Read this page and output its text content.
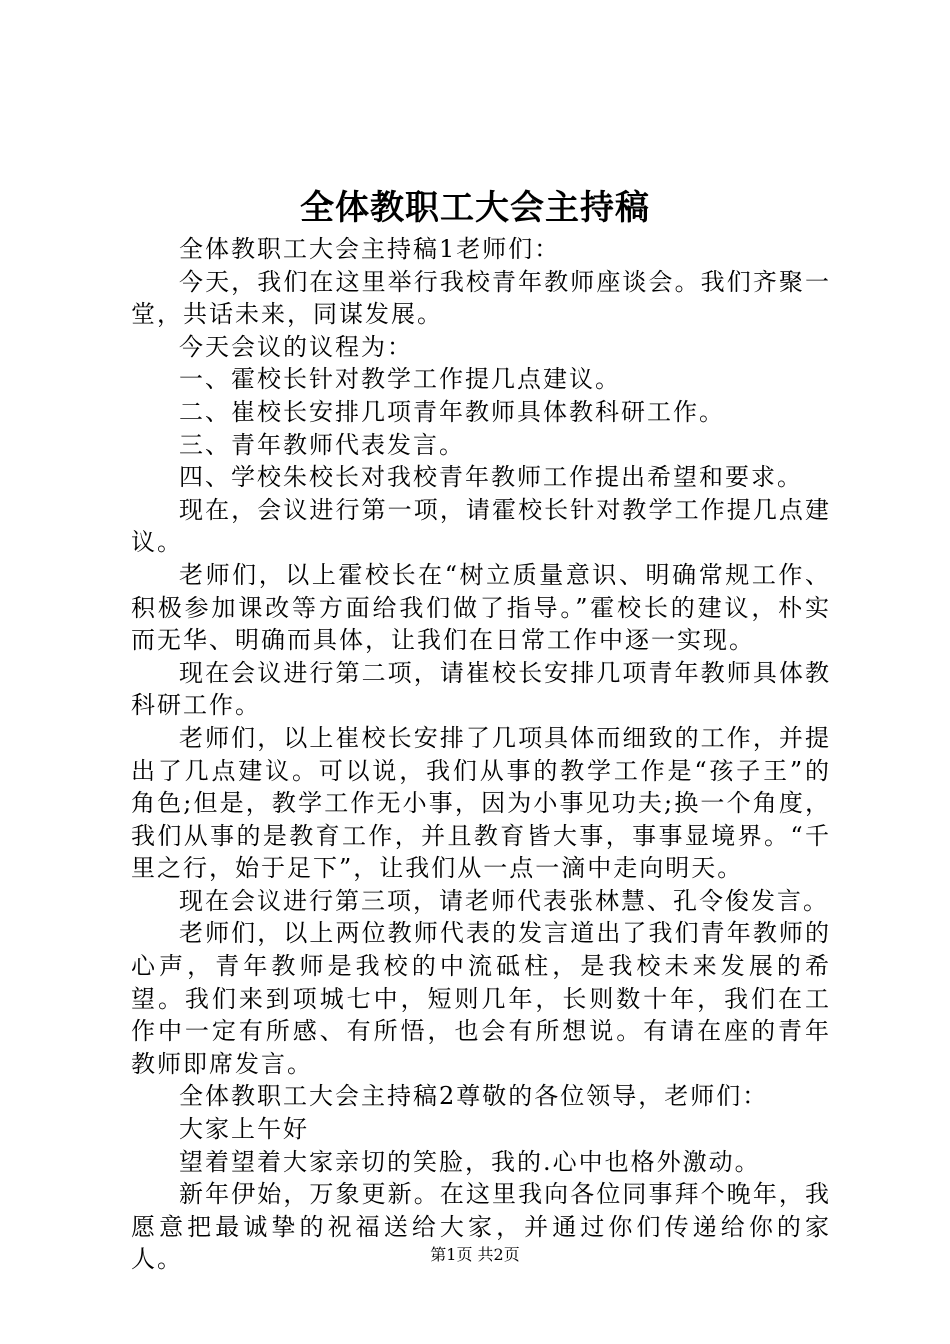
全体教职工大会主持稿

全体教职工大会主持稿1老师们：

今天，我们在这里举行我校青年教师座谈会。我们齐聚一堂，共话未来，同谋发展。

今天会议的议程为：

一、霍校长针对教学工作提几点建议。

二、崔校长安排几项青年教师具体教科研工作。

三、青年教师代表发言。

四、学校朱校长对我校青年教师工作提出希望和要求。

现在，会议进行第一项，请霍校长针对教学工作提几点建议。

老师们，以上霍校长在“树立质量意识、明确常规工作、积极参加课改等方面给我们做了指导。”霍校长的建议，朴实而无华、明确而具体，让我们在日常工作中逐一实现。

现在会议进行第二项，请崔校长安排几项青年教师具体教科研工作。

老师们，以上崔校长安排了几项具体而细致的工作，并提出了几点建议。可以说，我们从事的教学工作是“孩子王”的角色;但是，教学工作无小事，因为小事见功夫;换一个角度，我们从事的是教育工作，并且教育皆大事，事事显境界。“千里之行，始于足下”，让我们从一点一滴中走向明天。

现在会议进行第三项，请老师代表张林慧、孔令俊发言。

老师们，以上两位教师代表的发言道出了我们青年教师的心声，青年教师是我校的中流砥柱，是我校未来发展的希望。我们来到项城七中，短则几年，长则数十年，我们在工作中一定有所感、有所悟，也会有所想说。有请在座的青年教师即席发言。

全体教职工大会主持稿2尊敬的各位领导，老师们：

大家上午好

望着望着大家亲切的笑脸，我的.心中也格外激动。

新年伊始，万象更新。在这里我向各位同事拜个晚年，我愿意把最诚挚的祝福送给大家，并通过你们传递给你的家人。	第1页 共2页
